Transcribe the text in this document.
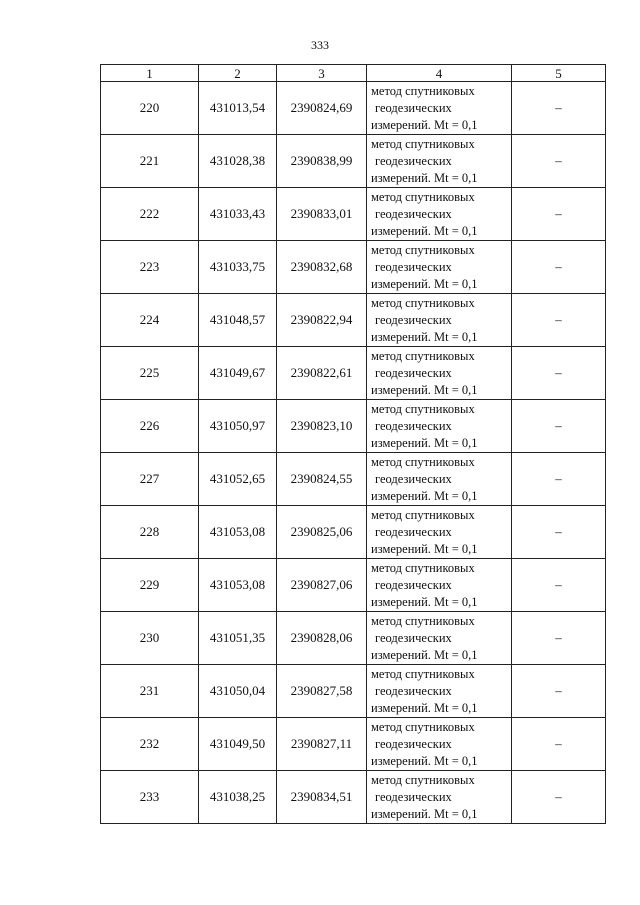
333
1	2	3	4	5
220	431013,54	2390824,69	метод спутниковых
геодезических
измерений. Mt = 0,1	–
221	431028,38	2390838,99	метод спутниковых
геодезических
измерений. Mt = 0,1	–
222	431033,43	2390833,01	метод спутниковых
геодезических
измерений. Mt = 0,1	–
223	431033,75	2390832,68	метод спутниковых
геодезических
измерений. Mt = 0,1	–
224	431048,57	2390822,94	метод спутниковых
геодезических
измерений. Mt = 0,1	–
225	431049,67	2390822,61	метод спутниковых
геодезических
измерений. Mt = 0,1	–
226	431050,97	2390823,10	метод спутниковых
геодезических
измерений. Mt = 0,1	–
227	431052,65	2390824,55	метод спутниковых
геодезических
измерений. Mt = 0,1	–
228	431053,08	2390825,06	метод спутниковых
геодезических
измерений. Mt = 0,1	–
229	431053,08	2390827,06	метод спутниковых
геодезических
измерений. Mt = 0,1	–
230	431051,35	2390828,06	метод спутниковых
геодезических
измерений. Mt = 0,1	–
231	431050,04	2390827,58	метод спутниковых
геодезических
измерений. Mt = 0,1	–
232	431049,50	2390827,11	метод спутниковых
геодезических
измерений. Mt = 0,1	–
233	431038,25	2390834,51	метод спутниковых
геодезических
измерений. Mt = 0,1	–
